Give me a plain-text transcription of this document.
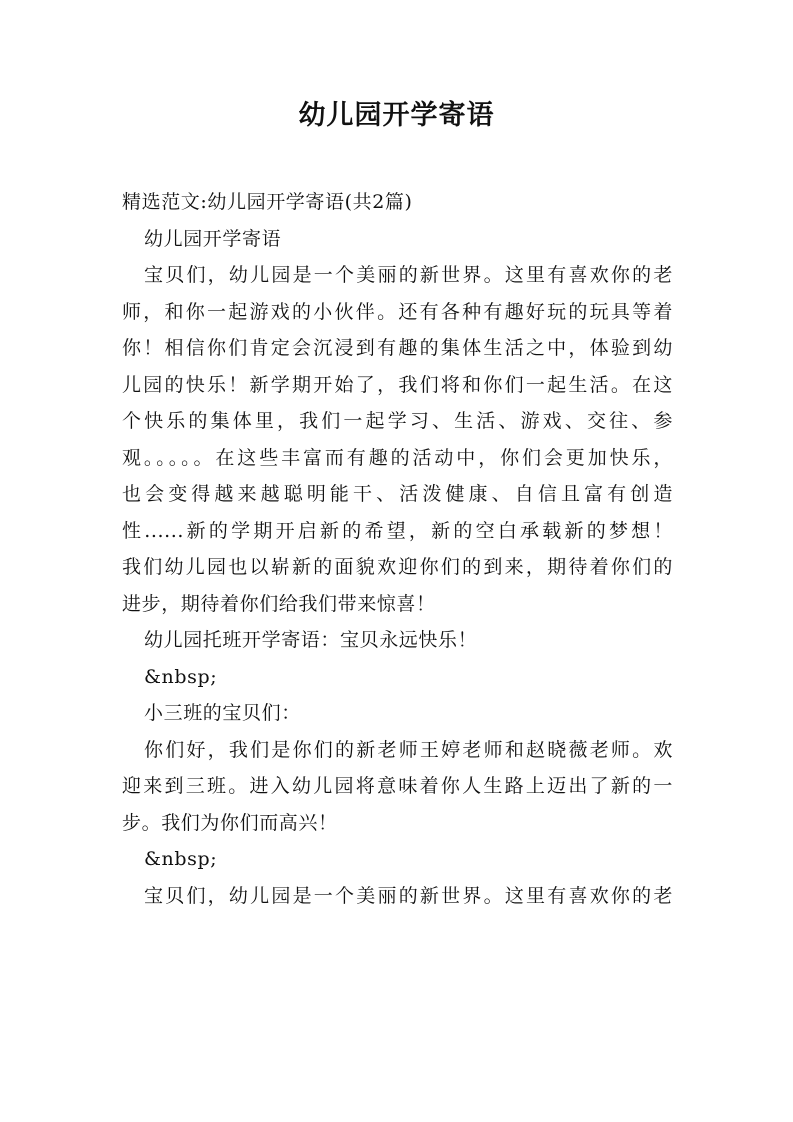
幼儿园开学寄语
精选范文:幼儿园开学寄语(共2篇)
幼儿园开学寄语
宝贝们，幼儿园是一个美丽的新世界。这里有喜欢你的老
师，和你一起游戏的小伙伴。还有各种有趣好玩的玩具等着
你！相信你们肯定会沉浸到有趣的集体生活之中，体验到幼
儿园的快乐！新学期开始了，我们将和你们一起生活。在这
个快乐的集体里，我们一起学习、生活、游戏、交往、参
观。。。。。在这些丰富而有趣的活动中，你们会更加快乐，
也会变得越来越聪明能干、活泼健康、自信且富有创造
性......新的学期开启新的希望，新的空白承载新的梦想！
我们幼儿园也以崭新的面貌欢迎你们的到来，期待着你们的
进步，期待着你们给我们带来惊喜！
幼儿园托班开学寄语：宝贝永远快乐！
&nbsp;
小三班的宝贝们：
你们好，我们是你们的新老师王婷老师和赵晓薇老师。欢
迎来到三班。进入幼儿园将意味着你人生路上迈出了新的一
步。我们为你们而高兴！
&nbsp;
宝贝们，幼儿园是一个美丽的新世界。这里有喜欢你的老
